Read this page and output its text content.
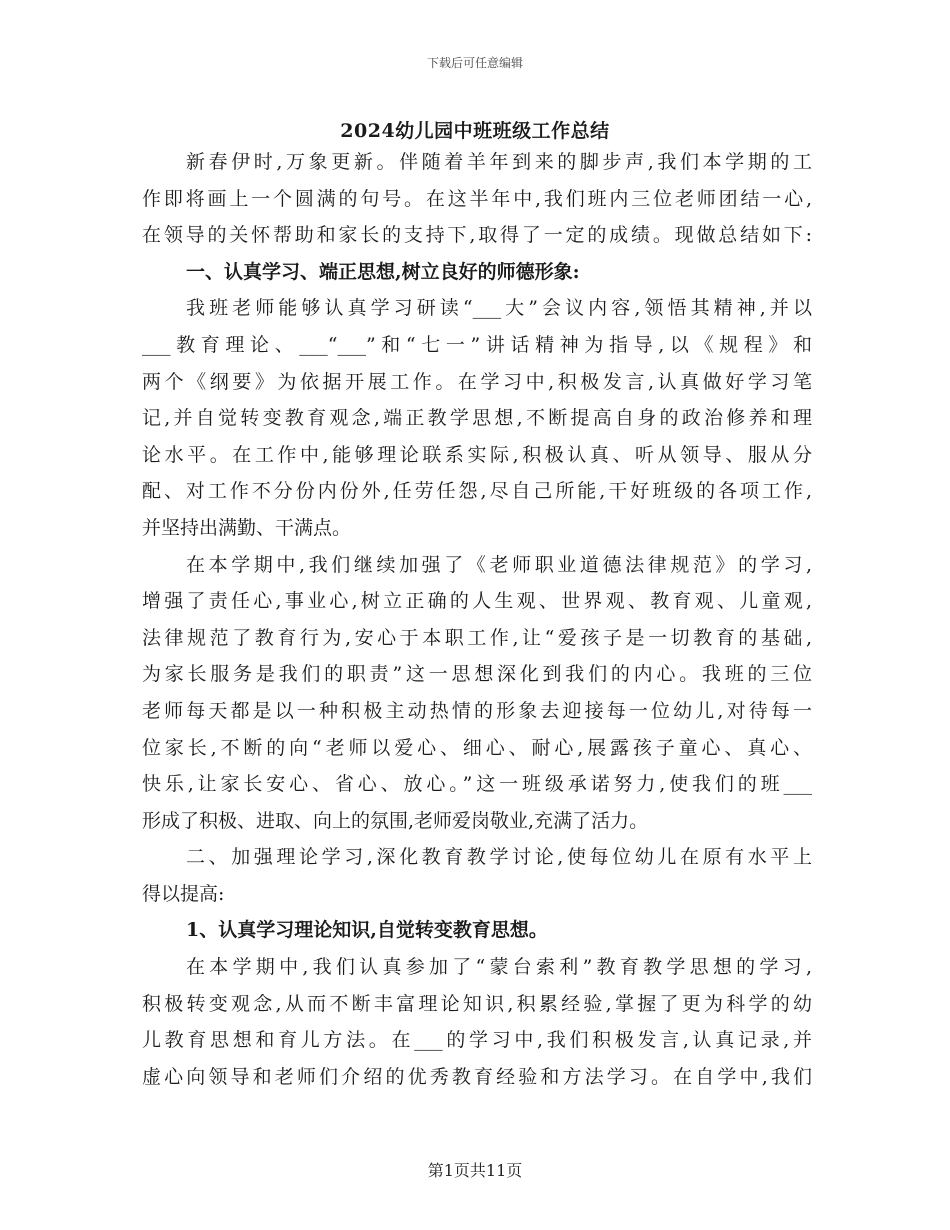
下载后可任意编辑
2024幼儿园中班班级工作总结
新春伊时,万象更新。伴随着羊年到来的脚步声,我们本学期的工
作即将画上一个圆满的句号。在这半年中,我们班内三位老师团结一心,
在领导的关怀帮助和家长的支持下,取得了一定的成绩。现做总结如下:
一、认真学习、端正思想,树立良好的师德形象:
我班老师能够认真学习研读“___大”会议内容,领悟其精神,并以
___教育理论、___“___”和“七一”讲话精神为指导,以《规程》和
两个《纲要》为依据开展工作。在学习中,积极发言,认真做好学习笔
记,并自觉转变教育观念,端正教学思想,不断提高自身的政治修养和理
论水平。在工作中,能够理论联系实际,积极认真、听从领导、服从分
配、对工作不分份内份外,任劳任怨,尽自己所能,干好班级的各项工作,
并坚持出满勤、干满点。
在本学期中,我们继续加强了《老师职业道德法律规范》的学习,
增强了责任心,事业心,树立正确的人生观、世界观、教育观、儿童观,
法律规范了教育行为,安心于本职工作,让“爱孩子是一切教育的基础,
为家长服务是我们的职责”这一思想深化到我们的内心。我班的三位
老师每天都是以一种积极主动热情的形象去迎接每一位幼儿,对待每一
位家长,不断的向“老师以爱心、细心、耐心,展露孩子童心、真心、
快乐,让家长安心、省心、放心。”这一班级承诺努力,使我们的班___
形成了积极、进取、向上的氛围,老师爱岗敬业,充满了活力。
二、加强理论学习,深化教育教学讨论,使每位幼儿在原有水平上
得以提高:
1、认真学习理论知识,自觉转变教育思想。
在本学期中,我们认真参加了“蒙台索利”教育教学思想的学习,
积极转变观念,从而不断丰富理论知识,积累经验,掌握了更为科学的幼
儿教育思想和育儿方法。在___的学习中,我们积极发言,认真记录,并
虚心向领导和老师们介绍的优秀教育经验和方法学习。在自学中,我们
第1页共11页
